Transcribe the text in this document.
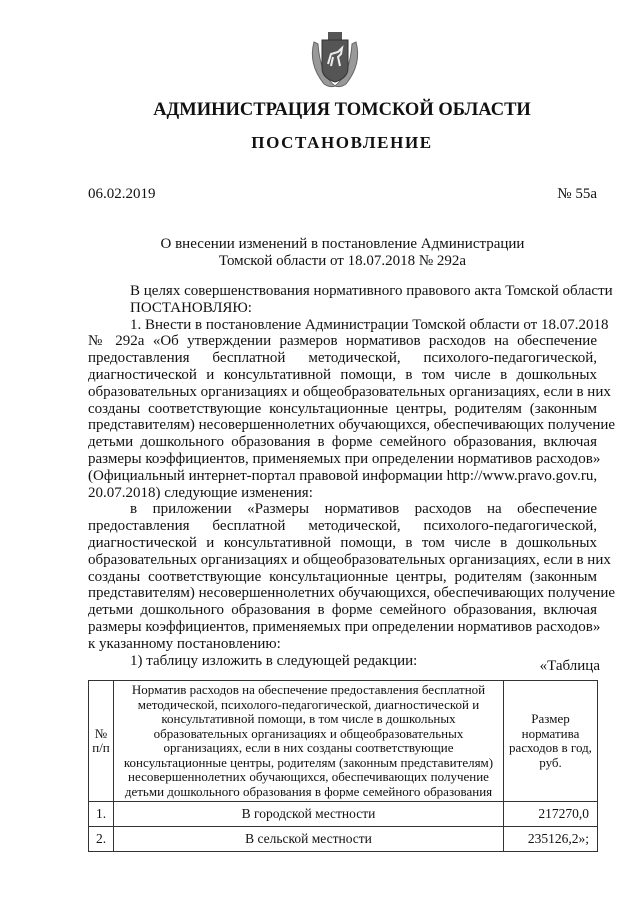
АДМИНИСТРАЦИЯ ТОМСКОЙ ОБЛАСТИ
ПОСТАНОВЛЕНИЕ
06.02.2019	№ 55а
О внесении изменений в постановление Администрации
Томской области от 18.07.2018 № 292а
В целях совершенствования нормативного правового акта Томской области
ПОСТАНОВЛЯЮ:
1. Внести в постановление Администрации Томской области от 18.07.2018
№ 292а «Об утверждении размеров нормативов расходов на обеспечение
предоставления бесплатной методической, психолого-педагогической,
диагностической и консультативной помощи, в том числе в дошкольных
образовательных организациях и общеобразовательных организациях, если в них
созданы соответствующие консультационные центры, родителям (законным
представителям) несовершеннолетних обучающихся, обеспечивающих получение
детьми дошкольного образования в форме семейного образования, включая
размеры коэффициентов, применяемых при определении нормативов расходов»
(Официальный интернет-портал правовой информации http://www.pravo.gov.ru,
20.07.2018) следующие изменения:
в приложении «Размеры нормативов расходов на обеспечение
предоставления бесплатной методической, психолого-педагогической,
диагностической и консультативной помощи, в том числе в дошкольных
образовательных организациях и общеобразовательных организациях, если в них
созданы соответствующие консультационные центры, родителям (законным
представителям) несовершеннолетних обучающихся, обеспечивающих получение
детьми дошкольного образования в форме семейного образования, включая
размеры коэффициентов, применяемых при определении нормативов расходов»
к указанному постановлению:
1) таблицу изложить в следующей редакции:	«Таблица
№ п/п	Норматив расходов на обеспечение предоставления бесплатной методической, психолого-педагогической, диагностической и консультативной помощи, в том числе в дошкольных образовательных организациях и общеобразовательных организациях, если в них созданы соответствующие консультационные центры, родителям (законным представителям) несовершеннолетних обучающихся, обеспечивающих получение детьми дошкольного образования в форме семейного образования	Размер норматива расходов в год, руб.
1.	В городской местности	217270,0
2.	В сельской местности	235126,2»;
